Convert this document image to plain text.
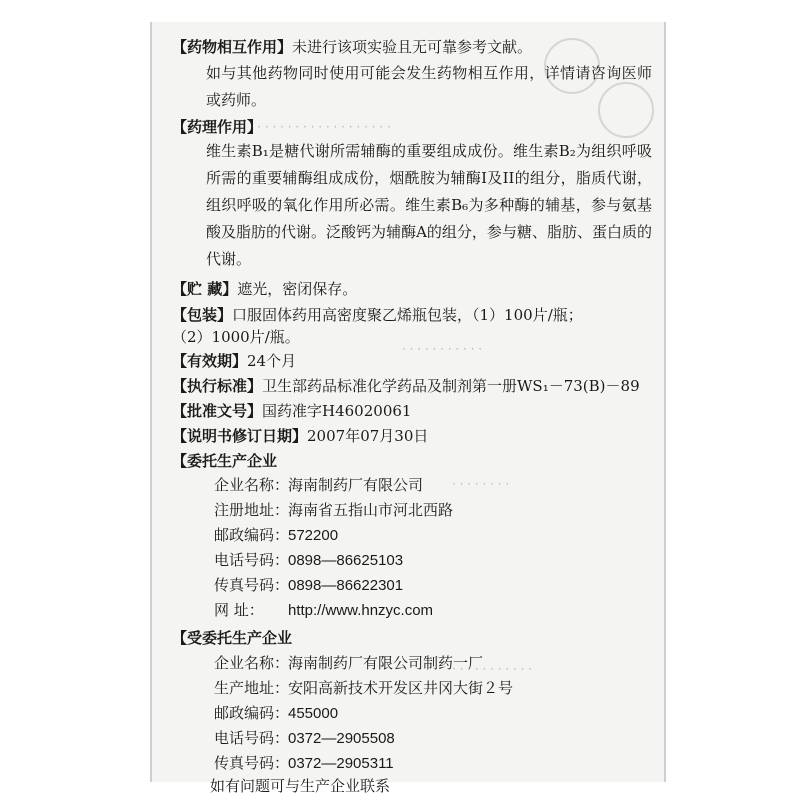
· · · · · · · · · · · · · · · · · · · ·
· · · · · · · · · · ·
· · · · · · · ·
· · · · · · · · · · ·
【药物相互作用】未进行该项实验且无可靠参考文献。
如与其他药物同时使用可能会发生药物相互作用，详情请咨询医师或药师。
【药理作用】
维生素B₁是糖代谢所需辅酶的重要组成成份。维生素B₂为组织呼吸所需的重要辅酶组成成份，烟酰胺为辅酶I及II的组分，脂质代谢，组织呼吸的氧化作用所必需。维生素B₆为多种酶的辅基，参与氨基酸及脂肪的代谢。泛酸钙为辅酶A的组分，参与糖、脂肪、蛋白质的代谢。
【贮 藏】遮光，密闭保存。
【包装】口服固体药用高密度聚乙烯瓶包装，（1）100片/瓶；
（2）1000片/瓶。
【有效期】24个月
【执行标准】卫生部药品标准化学药品及制剂第一册WS₁－73(B)－89
【批准文号】国药准字H46020061
【说明书修订日期】2007年07月30日
【委托生产企业
企业名称：海南制药厂有限公司
注册地址：海南省五指山市河北西路
邮政编码：572200
电话号码：0898—86625103
传真号码：0898—86622301
网 址： http://www.hnzyc.com
【受委托生产企业
企业名称：海南制药厂有限公司制药一厂
生产地址：安阳高新技术开发区井冈大街２号
邮政编码：455000
电话号码：0372—2905508
传真号码：0372—2905311
如有问题可与生产企业联系
